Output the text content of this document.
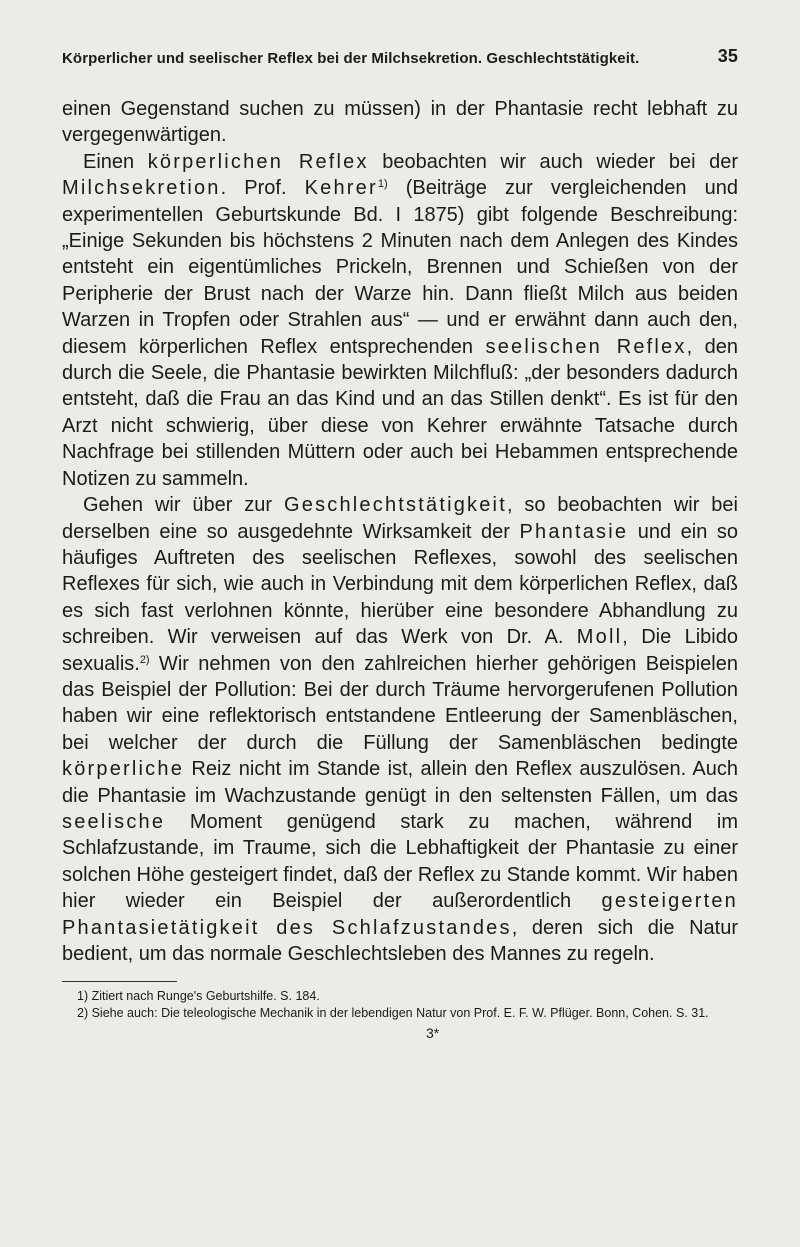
Körperlicher und seelischer Reflex bei der Milchsekretion. Geschlechtstätigkeit.	35

einen Gegenstand suchen zu müssen) in der Phantasie recht lebhaft zu vergegenwärtigen.

Einen körperlichen Reflex beobachten wir auch wieder bei der Milchsekretion. Prof. Kehrer$^{1)}$ (Beiträge zur vergleichenden und experimentellen Geburtskunde Bd. I 1875) gibt folgende Beschreibung: „Einige Sekunden bis höchstens 2 Minuten nach dem Anlegen des Kindes entsteht ein eigentümliches Prickeln, Brennen und Schießen von der Peripherie der Brust nach der Warze hin. Dann fließt Milch aus beiden Warzen in Tropfen oder Strahlen aus“ — und er erwähnt dann auch den, diesem körperlichen Reflex entsprechenden seelischen Reflex, den durch die Seele, die Phantasie bewirkten Milchfluß: „der besonders dadurch entsteht, daß die Frau an das Kind und an das Stillen denkt“. Es ist für den Arzt nicht schwierig, über diese von Kehrer erwähnte Tatsache durch Nachfrage bei stillenden Müttern oder auch bei Hebammen entsprechende Notizen zu sammeln.

Gehen wir über zur Geschlechtstätigkeit, so beobachten wir bei derselben eine so ausgedehnte Wirksamkeit der Phantasie und ein so häufiges Auftreten des seelischen Reflexes, sowohl des seelischen Reflexes für sich, wie auch in Verbindung mit dem körperlichen Reflex, daß es sich fast verlohnen könnte, hierüber eine besondere Abhandlung zu schreiben. Wir verweisen auf das Werk von Dr. A. Moll, Die Libido sexualis.$^{2)}$ Wir nehmen von den zahlreichen hierher gehörigen Beispielen das Beispiel der Pollution: Bei der durch Träume hervorgerufenen Pollution haben wir eine reflektorisch entstandene Entleerung der Samenbläschen, bei welcher der durch die Füllung der Samenbläschen bedingte körperliche Reiz nicht im Stande ist, allein den Reflex auszulösen. Auch die Phantasie im Wachzustande genügt in den seltensten Fällen, um das seelische Moment genügend stark zu machen, während im Schlafzustande, im Traume, sich die Lebhaftigkeit der Phantasie zu einer solchen Höhe gesteigert findet, daß der Reflex zu Stande kommt. Wir haben hier wieder ein Beispiel der außerordentlich gesteigerten Phantasietätigkeit des Schlafzustandes, deren sich die Natur bedient, um das normale Geschlechtsleben des Mannes zu regeln.

1) Zitiert nach Runge's Geburtshilfe. S. 184.

2) Siehe auch: Die teleologische Mechanik in der lebendigen Natur von Prof. E. F. W. Pflüger. Bonn, Cohen. S. 31.

3*
